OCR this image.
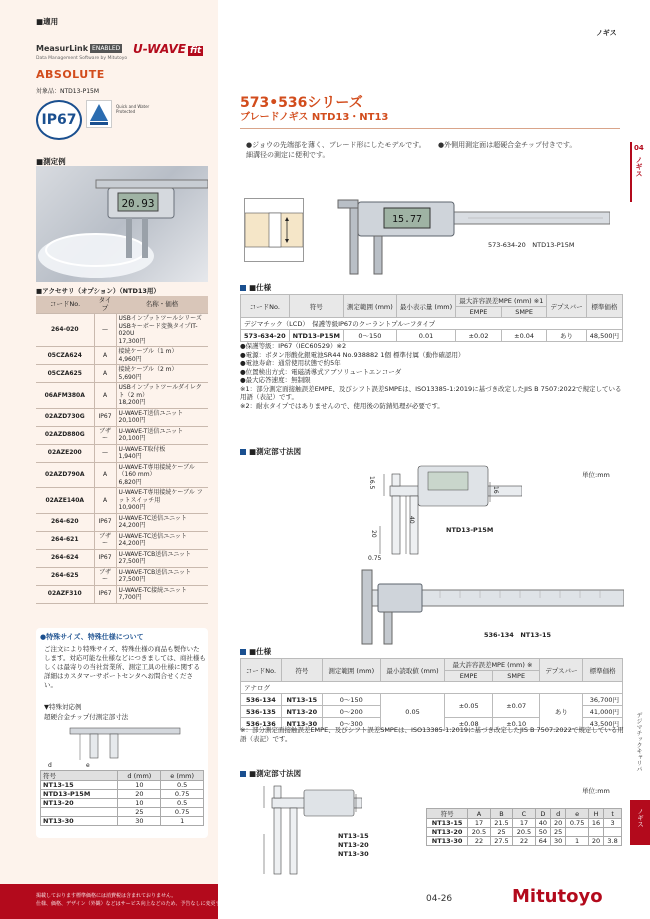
■適用
MeasurLink ENABLED
Data Management Software by Mitutoyo
U-WAVE fit
ABSOLUTE
対象品：NTD13-P15M
IP67
Quick and Water Protected
■測定例
20.93
■アクセサリ（オプション）（NTD13用）
コードNo.	タイプ	名称・価格
264-020	—	USBインプットツールシリーズ USBキーボード変換タイプIT-020U
17,300円

05CZA624	A	接続ケーブル（1 m）
4,960円

05CZA625	A	接続ケーブル（2 m）
5,690円

06AFM380A	A	USBインプットツールダイレクト（2 m）
18,200円

02AZD730G	IP67	U-WAVE-T送信ユニット
20,100円

02AZD880G	ブザー	U-WAVE-T送信ユニット
20,100円

02AZE200	—	U-WAVE-T取付板
1,940円

02AZD790A	A	U-WAVE-T専用接続ケーブル（160 mm）
6,820円

02AZE140A	A	U-WAVE-T専用接続ケーブル フットスイッチ用
10,900円

264-620	IP67	U-WAVE-TC送信ユニット
24,200円

264-621	ブザー	U-WAVE-TC送信ユニット
24,200円

264-624	IP67	U-WAVE-TCB送信ユニット
27,500円

264-625	ブザー	U-WAVE-TCB送信ユニット
27,500円

02AZF310	IP67	U-WAVE-TC接続ユニット
7,700円
●特殊サイズ、特殊仕様について
ご注文により特殊サイズ、特殊仕様の商品も製作いたします。対応可能な仕様などにつきましては、商社様もしくは最寄りの当社営業所、測定工具の仕様に関する詳細はカスタマーサポートセンタへお問合せください。
▼特殊対応例
超硬合金チップ付測定部寸法
d	e
符号	d (mm)	e (mm)
NT13-15	10	0.5
NTD13-P15M	20	0.75
NT13-20	10	0.5
	25	0.75
NT13-30	30	1
掲載しております標準価格には消費税は含まれておりません。
仕様、価格、デザイン（外観）などはサービス向上などのため、予告なしに変更することがあります。ご了承ください。
ノギス
04
ノギス
デジマチックキャリパ
ノギス
573•536シリーズ
ブレードノギス NTD13・NT13
●ジョウの先端部を薄く、ブレード形にしたモデルです。細溝径の測定に便利です。
●外側用測定面は超硬合金チップ付きです。
15.77
573-634-20　NTD13-P15M
■仕様
コードNo.	符号	測定範囲 (mm)	最小表示量 (mm)	最大許容誤差MPE (mm) ※1		デプスバー	標準価格
				EMPE	SMPE		
デジマチック（LCD）　保護等級IP67のクーラントプルーフタイプ							
573-634-20	NTD13-P15M	0〜150	0.01	±0.02	±0.04	あり	48,500円
●保護等級：IP67（IEC60529）※2
●電源：ボタン形酸化銀電池SR44 No.938882 1個 標準付属（動作確認用）
●電池寿命：通常使用状態で約5年
●位置検出方式：電磁誘導式アブソリュートエンコーダ
●最大応答速度：無制限
※1：部分測定面接触誤差EMPE、及びシフト誤差SMPEは、ISO13385-1:2019に基づき改定したJIS B 7507:2022で規定している用語（表記）です。
※2：耐水タイプではありませんので、使用後の防錆処理が必要です。
■測定部寸法図
単位:mm
16.5
40
16
20
0.75
NTD13-P15M
536-134　NT13-15
■仕様
コードNo.	符号	測定範囲 (mm)	最小読取値 (mm)	最大許容誤差MPE (mm) ※		デプスバー	標準価格
				EMPE	SMPE		
アナログ							
536-134	NT13-15	0〜150	0.05	±0.05	±0.07	あり	36,700円
536-135	NT13-20	0〜200					41,000円
536-136	NT13-30	0〜300		±0.08	±0.10		43,500円
※：部分測定面接触誤差EMPE、及びシフト誤差SMPEは、ISO13385-1:2019に基づき改定したJIS B 7507:2022で規定している用語（表記）です。
■測定部寸法図
単位:mm
NT13-15
NT13-20
NT13-30
符号	A	B	C	D	d	e	H	t
NT13-15	17	21.5	17	40	20	0.75	16	3
NT13-20	20.5	25	20.5	50	25			
NT13-30	22	27.5	22	64	30	1	20	3.8
04-26	Mitutoyo
